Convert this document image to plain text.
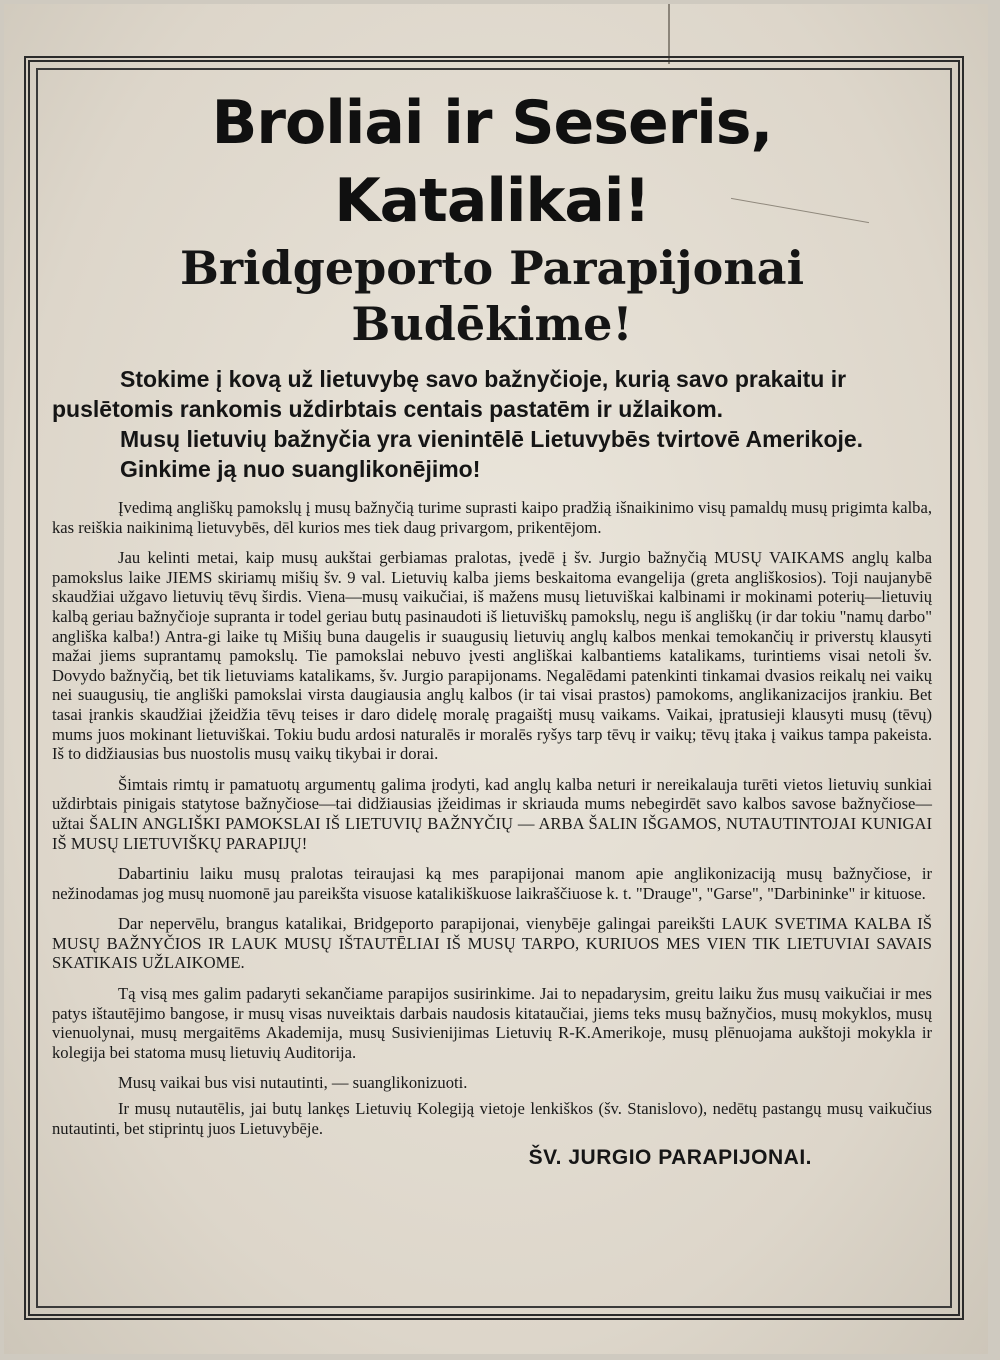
Broliai ir Seseris, Katalikai!
Bridgeporto Parapijonai
Budēkime!
Stokime į kovą už lietuvybę savo bažnyčioje, kurią savo prakaitu ir
puslētomis rankomis uždirbtais centais pastatēm ir užlaikom.
Musų lietuvių bažnyčia yra vienintēlē Lietuvybēs tvirtovē Amerikoje.
Ginkime ją nuo suanglikonējimo!

Įvedimą angliškų pamokslų į musų bažnyčią turime suprasti kaipo pradžią išnaikinimo visų pamaldų musų prigimta kalba, kas reiškia naikinimą lietuvybēs, dēl kurios mes tiek daug privargom, prikentējom.

Jau kelinti metai, kaip musų aukštai gerbiamas pralotas, įvedē į šv. Jurgio bažnyčią MUSŲ VAIKAMS anglų kalba pamokslus laike JIEMS skiriamų mišių šv. 9 val. Lietuvių kalba jiems beskaitoma evangelija (greta angliškosios). Toji naujanybē skaudžiai užgavo lietuvių tēvų širdis. Viena—musų vaikučiai, iš mažens musų lietuviškai kalbinami ir mokinami poterių—lietuvių kalbą geriau bažnyčioje supranta ir todel geriau butų pasinaudoti iš lietuviškų pamokslų, negu iš angliškų (ir dar tokiu "namų darbo" angliška kalba!) Antra-gi laike tų Mišių buna daugelis ir suaugusių lietuvių anglų kalbos menkai temokančių ir priverstų klausyti mažai jiems suprantamų pamokslų. Tie pamokslai nebuvo įvesti angliškai kalbantiems katalikams, turintiems visai netoli šv. Dovydo bažnyčią, bet tik lietuviams katalikams, šv. Jurgio parapijonams. Negalēdami patenkinti tinkamai dvasios reikalų nei vaikų nei suaugusių, tie angliški pamokslai virsta daugiausia anglų kalbos (ir tai visai prastos) pamokoms, anglikanizacijos įrankiu. Bet tasai įrankis skaudžiai įžeidžia tēvų teises ir daro didelę moralę pragaištį musų vaikams. Vaikai, įpratusieji klausyti musų (tēvų) mums juos mokinant lietuviškai. Tokiu budu ardosi naturalēs ir moralēs ryšys tarp tēvų ir vaikų; tēvų įtaka į vaikus tampa pakeista. Iš to didžiausias bus nuostolis musų vaikų tikybai ir dorai.

Šimtais rimtų ir pamatuotų argumentų galima įrodyti, kad anglų kalba neturi ir nereikalauja turēti vietos lietuvių sunkiai uždirbtais pinigais statytose bažnyčiose—tai didžiausias įžeidimas ir skriauda mums nebegirdēt savo kalbos savose bažnyčiose—užtai ŠALIN ANGLIŠKI PAMOKSLAI IŠ LIETUVIŲ BAŽNYČIŲ — ARBA ŠALIN IŠGAMOS, NUTAUTINTOJAI KUNIGAI IŠ MUSŲ LIETUVIŠKŲ PARAPIJŲ!

Dabartiniu laiku musų pralotas teiraujasi ką mes parapijonai manom apie anglikonizaciją musų bažnyčiose, ir nežinodamas jog musų nuomonē jau pareikšta visuose katalikiškuose laikraščiuose k. t. "Drauge", "Garse", "Darbininke" ir kituose.

Dar nepervēlu, brangus katalikai, Bridgeporto parapijonai, vienybēje galingai pareikšti LAUK SVETIMA KALBA IŠ MUSŲ BAŽNYČIOS IR LAUK MUSŲ IŠTAUTĒLIAI IŠ MUSŲ TARPO, KURIUOS MES VIEN TIK LIETUVIAI SAVAIS SKATIKAIS UŽLAIKOME.

Tą visą mes galim padaryti sekančiame parapijos susirinkime. Jai to nepadarysim, greitu laiku žus musų vaikučiai ir mes patys ištautējimo bangose, ir musų visas nuveiktais darbais naudosis kitataučiai, jiems teks musų bažnyčios, musų mokyklos, musų vienuolynai, musų mergaitēms Akademija, musų Susivienijimas Lietuvių R-K.Amerikoje, musų plēnuojama aukštoji mokykla ir kolegija bei statoma musų lietuvių Auditorija.

Musų vaikai bus visi nutautinti, — suanglikonizuoti.

Ir musų nutautēlis, jai butų lankęs Lietuvių Kolegiją vietoje lenkiškos (šv. Stanislovo), nedētų pastangų musų vaikučius nutautinti, bet stiprintų juos Lietuvybēje.

ŠV. JURGIO PARAPIJONAI.
